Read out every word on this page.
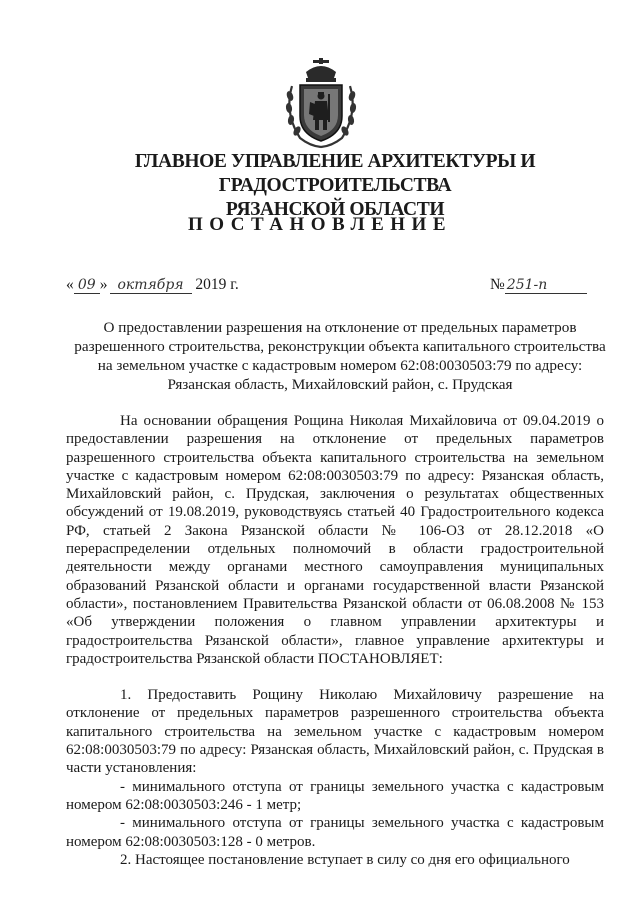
ГЛАВНОЕ УПРАВЛЕНИЕ АРХИТЕКТУРЫ И ГРАДОСТРОИТЕЛЬСТВА
РЯЗАНСКОЙ ОБЛАСТИ
ПОСТАНОВЛЕНИЕ
« 09 » октября 2019 г.	№ 251-п
О предоставлении разрешения на отклонение от предельных параметров
разрешенного строительства, реконструкции объекта капитального строительства
на земельном участке с кадастровым номером 62:08:0030503:79 по адресу:
Рязанская область, Михайловский район, с. Прудская

На основании обращения Рощина Николая Михайловича от 09.04.2019 о предоставлении разрешения на отклонение от предельных параметров разрешенного строительства объекта капитального строительства на земельном участке с кадастровым номером 62:08:0030503:79 по адресу: Рязанская область, Михайловский район, с. Прудская, заключения о результатах общественных обсуждений от 19.08.2019, руководствуясь статьей 40 Градостроительного кодекса РФ, статьей 2 Закона Рязанской области № 106-ОЗ от 28.12.2018 «О перераспределении отдельных полномочий в области градостроительной деятельности между органами местного самоуправления муниципальных образований Рязанской области и органами государственной власти Рязанской области», постановлением Правительства Рязанской области от 06.08.2008 № 153 «Об утверждении положения о главном управлении архитектуры и градостроительства Рязанской области», главное управление архитектуры и градостроительства Рязанской области ПОСТАНОВЛЯЕТ:

1. Предоставить Рощину Николаю Михайловичу разрешение на отклонение от предельных параметров разрешенного строительства объекта капитального строительства на земельном участке с кадастровым номером 62:08:0030503:79 по адресу: Рязанская область, Михайловский район, с. Прудская в части установления:

- минимального отступа от границы земельного участка с кадастровым номером 62:08:0030503:246 - 1 метр;

- минимального отступа от границы земельного участка с кадастровым номером 62:08:0030503:128 - 0 метров.

2. Настоящее постановление вступает в силу со дня его официального
